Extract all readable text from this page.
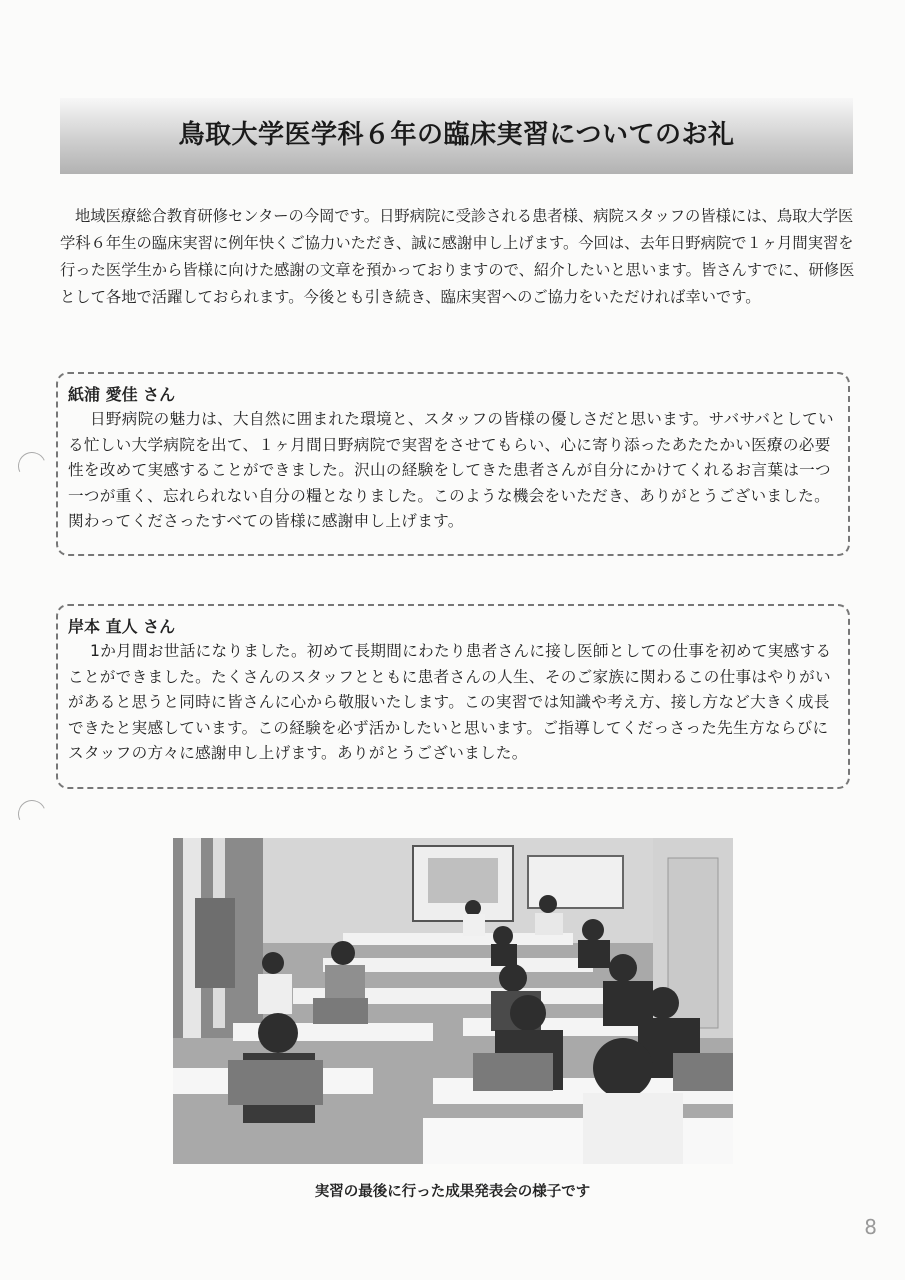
鳥取大学医学科６年の臨床実習についてのお礼

地域医療総合教育研修センターの今岡です。日野病院に受診される患者様、病院スタッフの皆様には、鳥取大学医学科６年生の臨床実習に例年快くご協力いただき、誠に感謝申し上げます。今回は、去年日野病院で１ヶ月間実習を行った医学生から皆様に向けた感謝の文章を預かっておりますので、紹介したいと思います。皆さんすでに、研修医として各地で活躍しておられます。今後とも引き続き、臨床実習へのご協力をいただければ幸いです。

紙浦 愛佳 さん

日野病院の魅力は、大自然に囲まれた環境と、スタッフの皆様の優しさだと思います。サバサバとしている忙しい大学病院を出て、１ヶ月間日野病院で実習をさせてもらい、心に寄り添ったあたたかい医療の必要性を改めて実感することができました。沢山の経験をしてきた患者さんが自分にかけてくれるお言葉は一つ一つが重く、忘れられない自分の糧となりました。このような機会をいただき、ありがとうございました。関わってくださったすべての皆様に感謝申し上げます。

岸本 直人 さん

1か月間お世話になりました。初めて長期間にわたり患者さんに接し医師としての仕事を初めて実感することができました。たくさんのスタッフとともに患者さんの人生、そのご家族に関わるこの仕事はやりがいがあると思うと同時に皆さんに心から敬服いたします。この実習では知識や考え方、接し方など大きく成長できたと実感しています。この経験を必ず活かしたいと思います。ご指導してくだっさった先生方ならびにスタッフの方々に感謝申し上げます。ありがとうございました。

実習の最後に行った成果発表会の様子です
8
